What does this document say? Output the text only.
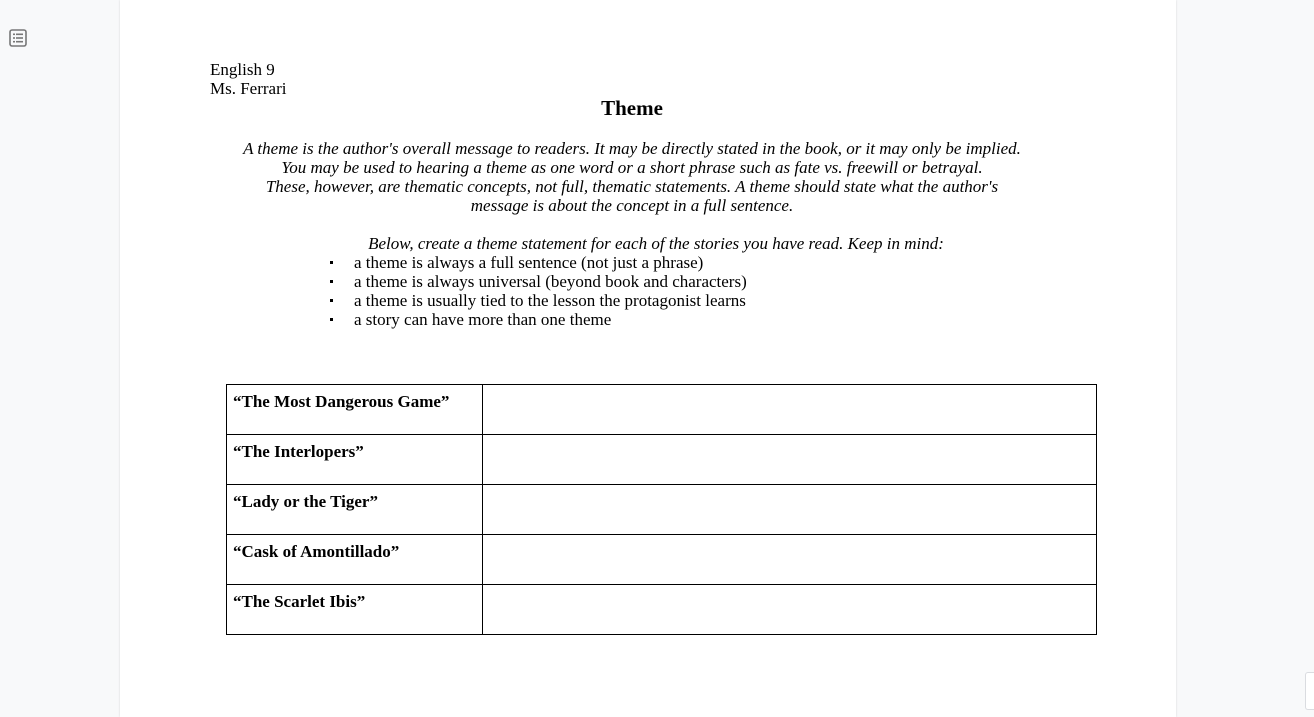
English 9
Ms. Ferrari
Theme
A theme is the author's overall message to readers. It may be directly stated in the book, or it may only be implied.
You may be used to hearing a theme as one word or a short phrase such as fate vs. freewill or betrayal.
These, however, are thematic concepts, not full, thematic statements. A theme should state what the author's
message is about the concept in a full sentence.
Below, create a theme statement for each of the stories you have read. Keep in mind:
a theme is always a full sentence (not just a phrase)
a theme is always universal (beyond book and characters)
a theme is usually tied to the lesson the protagonist learns
a story can have more than one theme
“The Most Dangerous Game”	
“The Interlopers”	
“Lady or the Tiger”	
“Cask of Amontillado”	
“The Scarlet Ibis”	
